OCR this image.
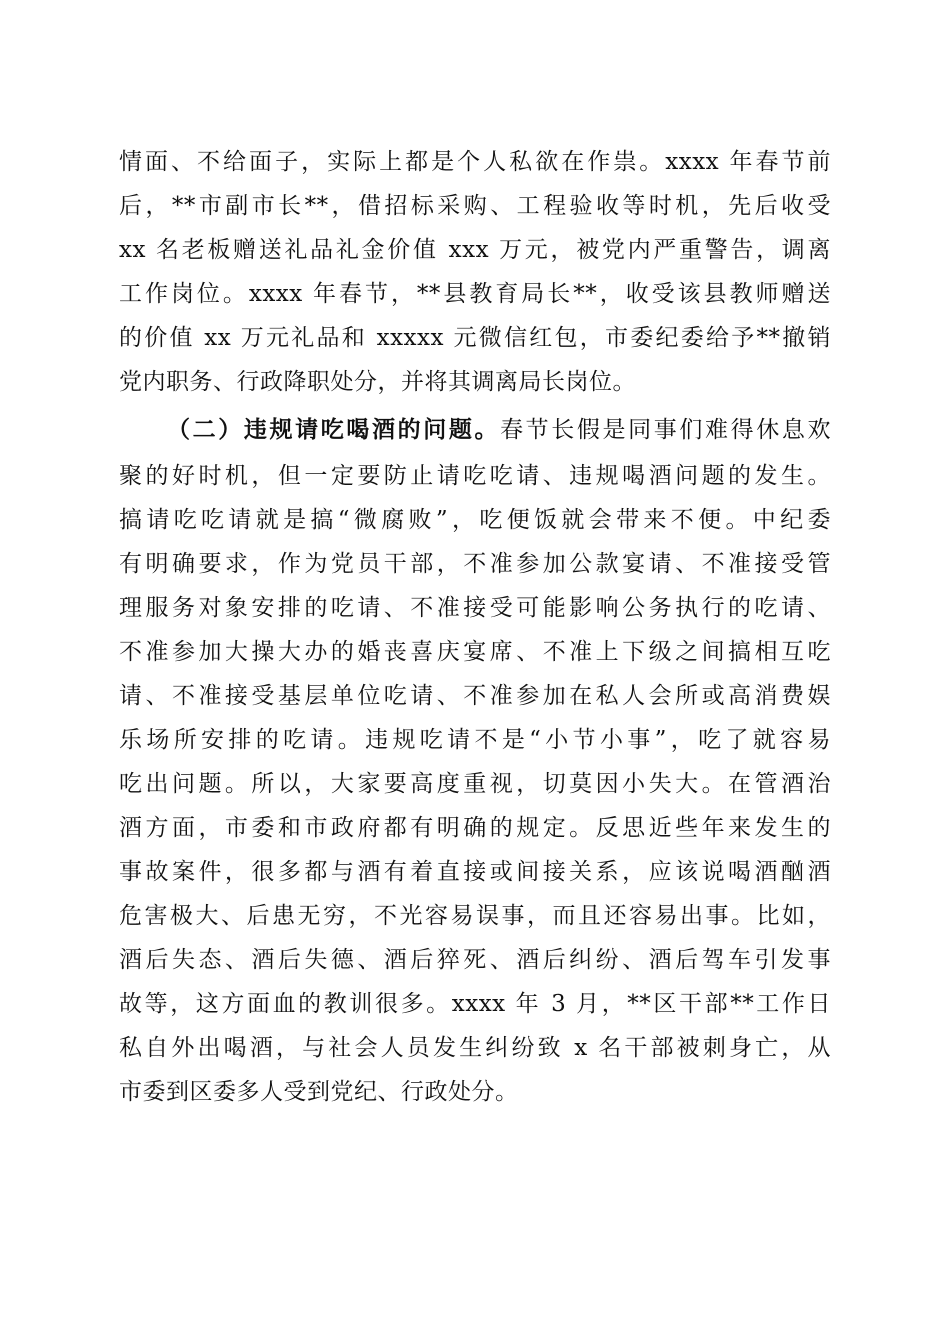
情面、不给面子，实际上都是个人私欲在作祟。xxxx 年春节前
后，**市副市长**，借招标采购、工程验收等时机，先后收受
xx 名老板赠送礼品礼金价值 xxx 万元，被党内严重警告，调离
工作岗位。xxxx 年春节，**县教育局长**，收受该县教师赠送
的价值 xx 万元礼品和 xxxxx 元微信红包，市委纪委给予**撤销
党内职务、行政降职处分，并将其调离局长岗位。
（二）违规请吃喝酒的问题。春节长假是同事们难得休息欢
聚的好时机，但一定要防止请吃吃请、违规喝酒问题的发生。
搞请吃吃请就是搞“微腐败”，吃便饭就会带来不便。中纪委
有明确要求，作为党员干部，不准参加公款宴请、不准接受管
理服务对象安排的吃请、不准接受可能影响公务执行的吃请、
不准参加大操大办的婚丧喜庆宴席、不准上下级之间搞相互吃
请、不准接受基层单位吃请、不准参加在私人会所或高消费娱
乐场所安排的吃请。违规吃请不是“小节小事”，吃了就容易
吃出问题。所以，大家要高度重视，切莫因小失大。在管酒治
酒方面，市委和市政府都有明确的规定。反思近些年来发生的
事故案件，很多都与酒有着直接或间接关系，应该说喝酒酗酒
危害极大、后患无穷，不光容易误事，而且还容易出事。比如，
酒后失态、酒后失德、酒后猝死、酒后纠纷、酒后驾车引发事
故等，这方面血的教训很多。xxxx 年 3 月，**区干部**工作日
私自外出喝酒，与社会人员发生纠纷致 x 名干部被刺身亡，从
市委到区委多人受到党纪、行政处分。
